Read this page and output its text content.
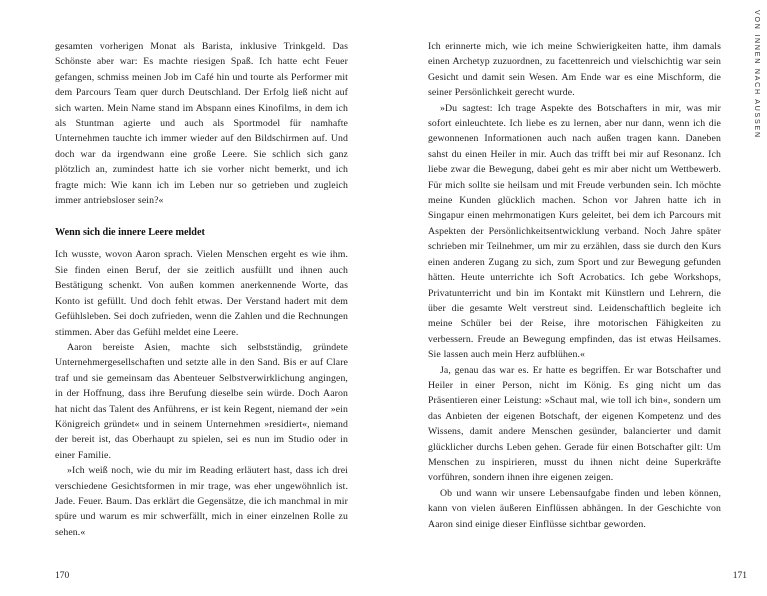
gesamten vorherigen Monat als Barista, inklusive Trinkgeld. Das Schönste aber war: Es machte riesigen Spaß. Ich hatte echt Feuer gefangen, schmiss meinen Job im Café hin und tourte als Performer mit dem Parcours Team quer durch Deutschland. Der Erfolg ließ nicht auf sich warten. Mein Name stand im Abspann eines Kinofilms, in dem ich als Stuntman agierte und auch als Sportmodel für namhafte Unternehmen tauchte ich immer wieder auf den Bildschirmen auf. Und doch war da irgendwann eine große Leere. Sie schlich sich ganz plötzlich an, zumindest hatte ich sie vorher nicht bemerkt, und ich fragte mich: Wie kann ich im Leben nur so getrieben und zugleich immer antriebsloser sein?«

Wenn sich die innere Leere meldet

Ich wusste, wovon Aaron sprach. Vielen Menschen ergeht es wie ihm. Sie finden einen Beruf, der sie zeitlich ausfüllt und ihnen auch Bestätigung schenkt. Von außen kommen anerkennende Worte, das Konto ist gefüllt. Und doch fehlt etwas. Der Verstand hadert mit dem Gefühlsleben. Sei doch zufrieden, wenn die Zahlen und die Rechnungen stimmen. Aber das Gefühl meldet eine Leere.

Aaron bereiste Asien, machte sich selbstständig, gründete Unternehmergesellschaften und setzte alle in den Sand. Bis er auf Clare traf und sie gemeinsam das Abenteuer Selbstverwirklichung angingen, in der Hoffnung, dass ihre Berufung dieselbe sein würde. Doch Aaron hat nicht das Talent des Anführens, er ist kein Regent, niemand der »ein Königreich gründet« und in seinem Unternehmen »residiert«, niemand der bereit ist, das Oberhaupt zu spielen, sei es nun im Studio oder in einer Familie.

»Ich weiß noch, wie du mir im Reading erläutert hast, dass ich drei verschiedene Gesichtsformen in mir trage, was eher ungewöhnlich ist. Jade. Feuer. Baum. Das erklärt die Gegensätze, die ich manchmal in mir spüre und warum es mir schwerfällt, mich in einer einzelnen Rolle zu sehen.«

Ich erinnerte mich, wie ich meine Schwierigkeiten hatte, ihm damals einen Archetyp zuzuordnen, zu facettenreich und vielschichtig war sein Gesicht und damit sein Wesen. Am Ende war es eine Mischform, die seiner Persönlichkeit gerecht wurde.

»Du sagtest: Ich trage Aspekte des Botschafters in mir, was mir sofort einleuchtete. Ich liebe es zu lernen, aber nur dann, wenn ich die gewonnenen Informationen auch nach außen tragen kann. Daneben sahst du einen Heiler in mir. Auch das trifft bei mir auf Resonanz. Ich liebe zwar die Bewegung, dabei geht es mir aber nicht um Wettbewerb. Für mich sollte sie heilsam und mit Freude verbunden sein. Ich möchte meine Kunden glücklich machen. Schon vor Jahren hatte ich in Singapur einen mehrmonatigen Kurs geleitet, bei dem ich Parcours mit Aspekten der Persönlichkeitsentwicklung verband. Noch Jahre später schrieben mir Teilnehmer, um mir zu erzählen, dass sie durch den Kurs einen anderen Zugang zu sich, zum Sport und zur Bewegung gefunden hätten. Heute unterrichte ich Soft Acrobatics. Ich gebe Workshops, Privatunterricht und bin im Kontakt mit Künstlern und Lehrern, die über die gesamte Welt verstreut sind. Leidenschaftlich begleite ich meine Schüler bei der Reise, ihre motorischen Fähigkeiten zu verbessern. Freude an Bewegung empfinden, das ist etwas Heilsames. Sie lassen auch mein Herz aufblühen.«

Ja, genau das war es. Er hatte es begriffen. Er war Botschafter und Heiler in einer Person, nicht im König. Es ging nicht um das Präsentieren einer Leistung: »Schaut mal, wie toll ich bin«, sondern um das Anbieten der eigenen Botschaft, der eigenen Kompetenz und des Wissens, damit andere Menschen gesünder, balancierter und damit glücklicher durchs Leben gehen. Gerade für einen Botschafter gilt: Um Menschen zu inspirieren, musst du ihnen nicht deine Superkräfte vorführen, sondern ihnen ihre eigenen zeigen.

Ob und wann wir unsere Lebensaufgabe finden und leben können, kann von vielen äußeren Einflüssen abhängen. In der Geschichte von Aaron sind einige dieser Einflüsse sichtbar geworden.

VON INNEN NACH AUSSEN
170	171
